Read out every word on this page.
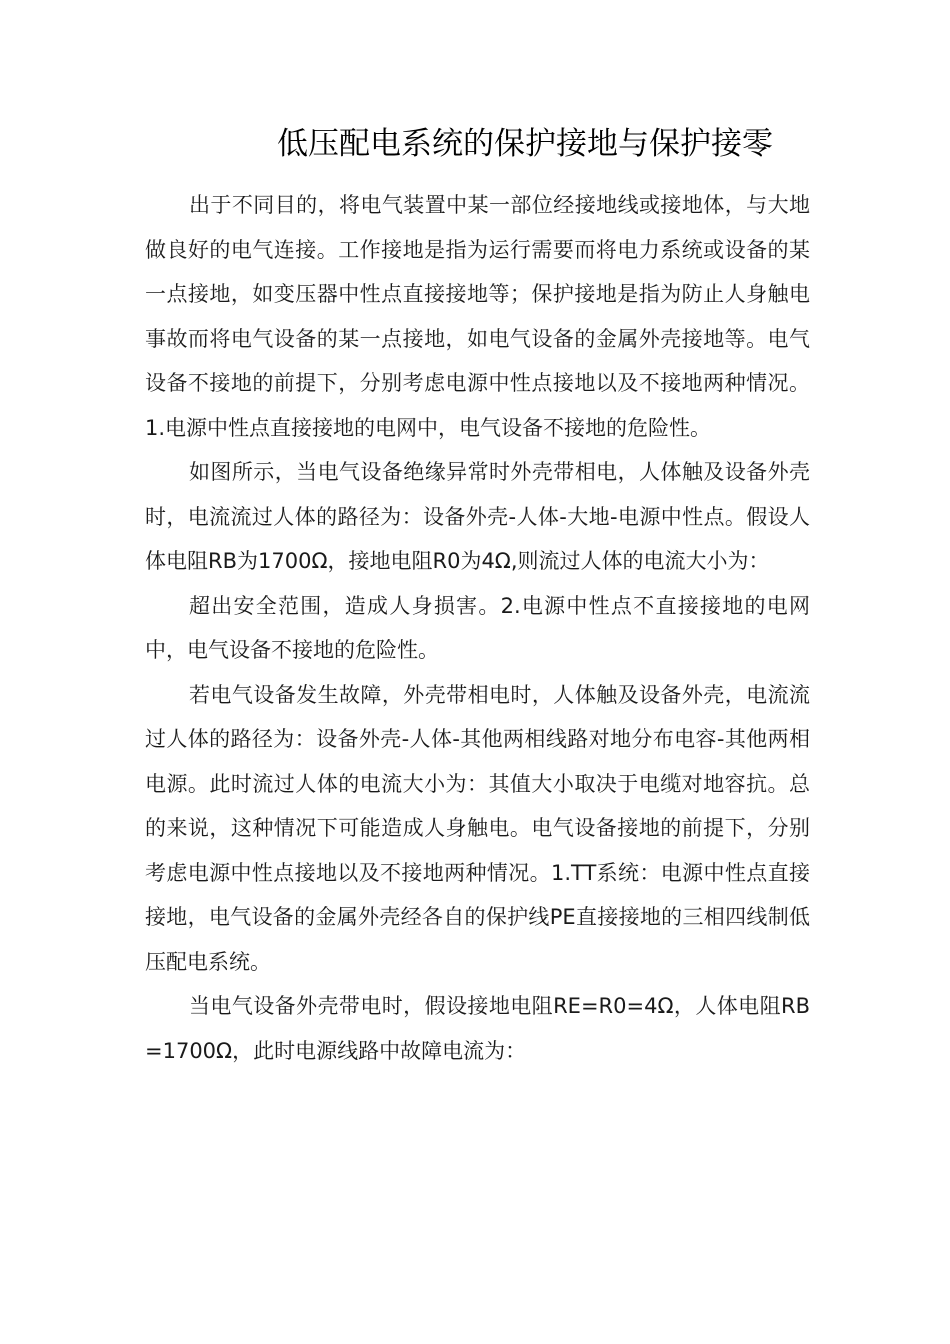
低压配电系统的保护接地与保护接零

出于不同目的，将电气装置中某一部位经接地线或接地体，与大地做良好的电气连接。工作接地是指为运行需要而将电力系统或设备的某一点接地，如变压器中性点直接接地等；保护接地是指为防止人身触电事故而将电气设备的某一点接地，如电气设备的金属外壳接地等。电气设备不接地的前提下，分别考虑电源中性点接地以及不接地两种情况。1.电源中性点直接接地的电网中，电气设备不接地的危险性。

如图所示，当电气设备绝缘异常时外壳带相电，人体触及设备外壳时，电流流过人体的路径为：设备外壳-人体-大地-电源中性点。假设人体电阻RB为1700Ω，接地电阻R0为4Ω,则流过人体的电流大小为：

超出安全范围，造成人身损害。2.电源中性点不直接接地的电网中，电气设备不接地的危险性。

若电气设备发生故障，外壳带相电时，人体触及设备外壳，电流流过人体的路径为：设备外壳-人体-其他两相线路对地分布电容-其他两相电源。此时流过人体的电流大小为：其值大小取决于电缆对地容抗。总的来说，这种情况下可能造成人身触电。电气设备接地的前提下，分别考虑电源中性点接地以及不接地两种情况。1.TT系统：电源中性点直接接地，电气设备的金属外壳经各自的保护线PE直接接地的三相四线制低压配电系统。

当电气设备外壳带电时，假设接地电阻RE=R0=4Ω，人体电阻RB=1700Ω，此时电源线路中故障电流为：
